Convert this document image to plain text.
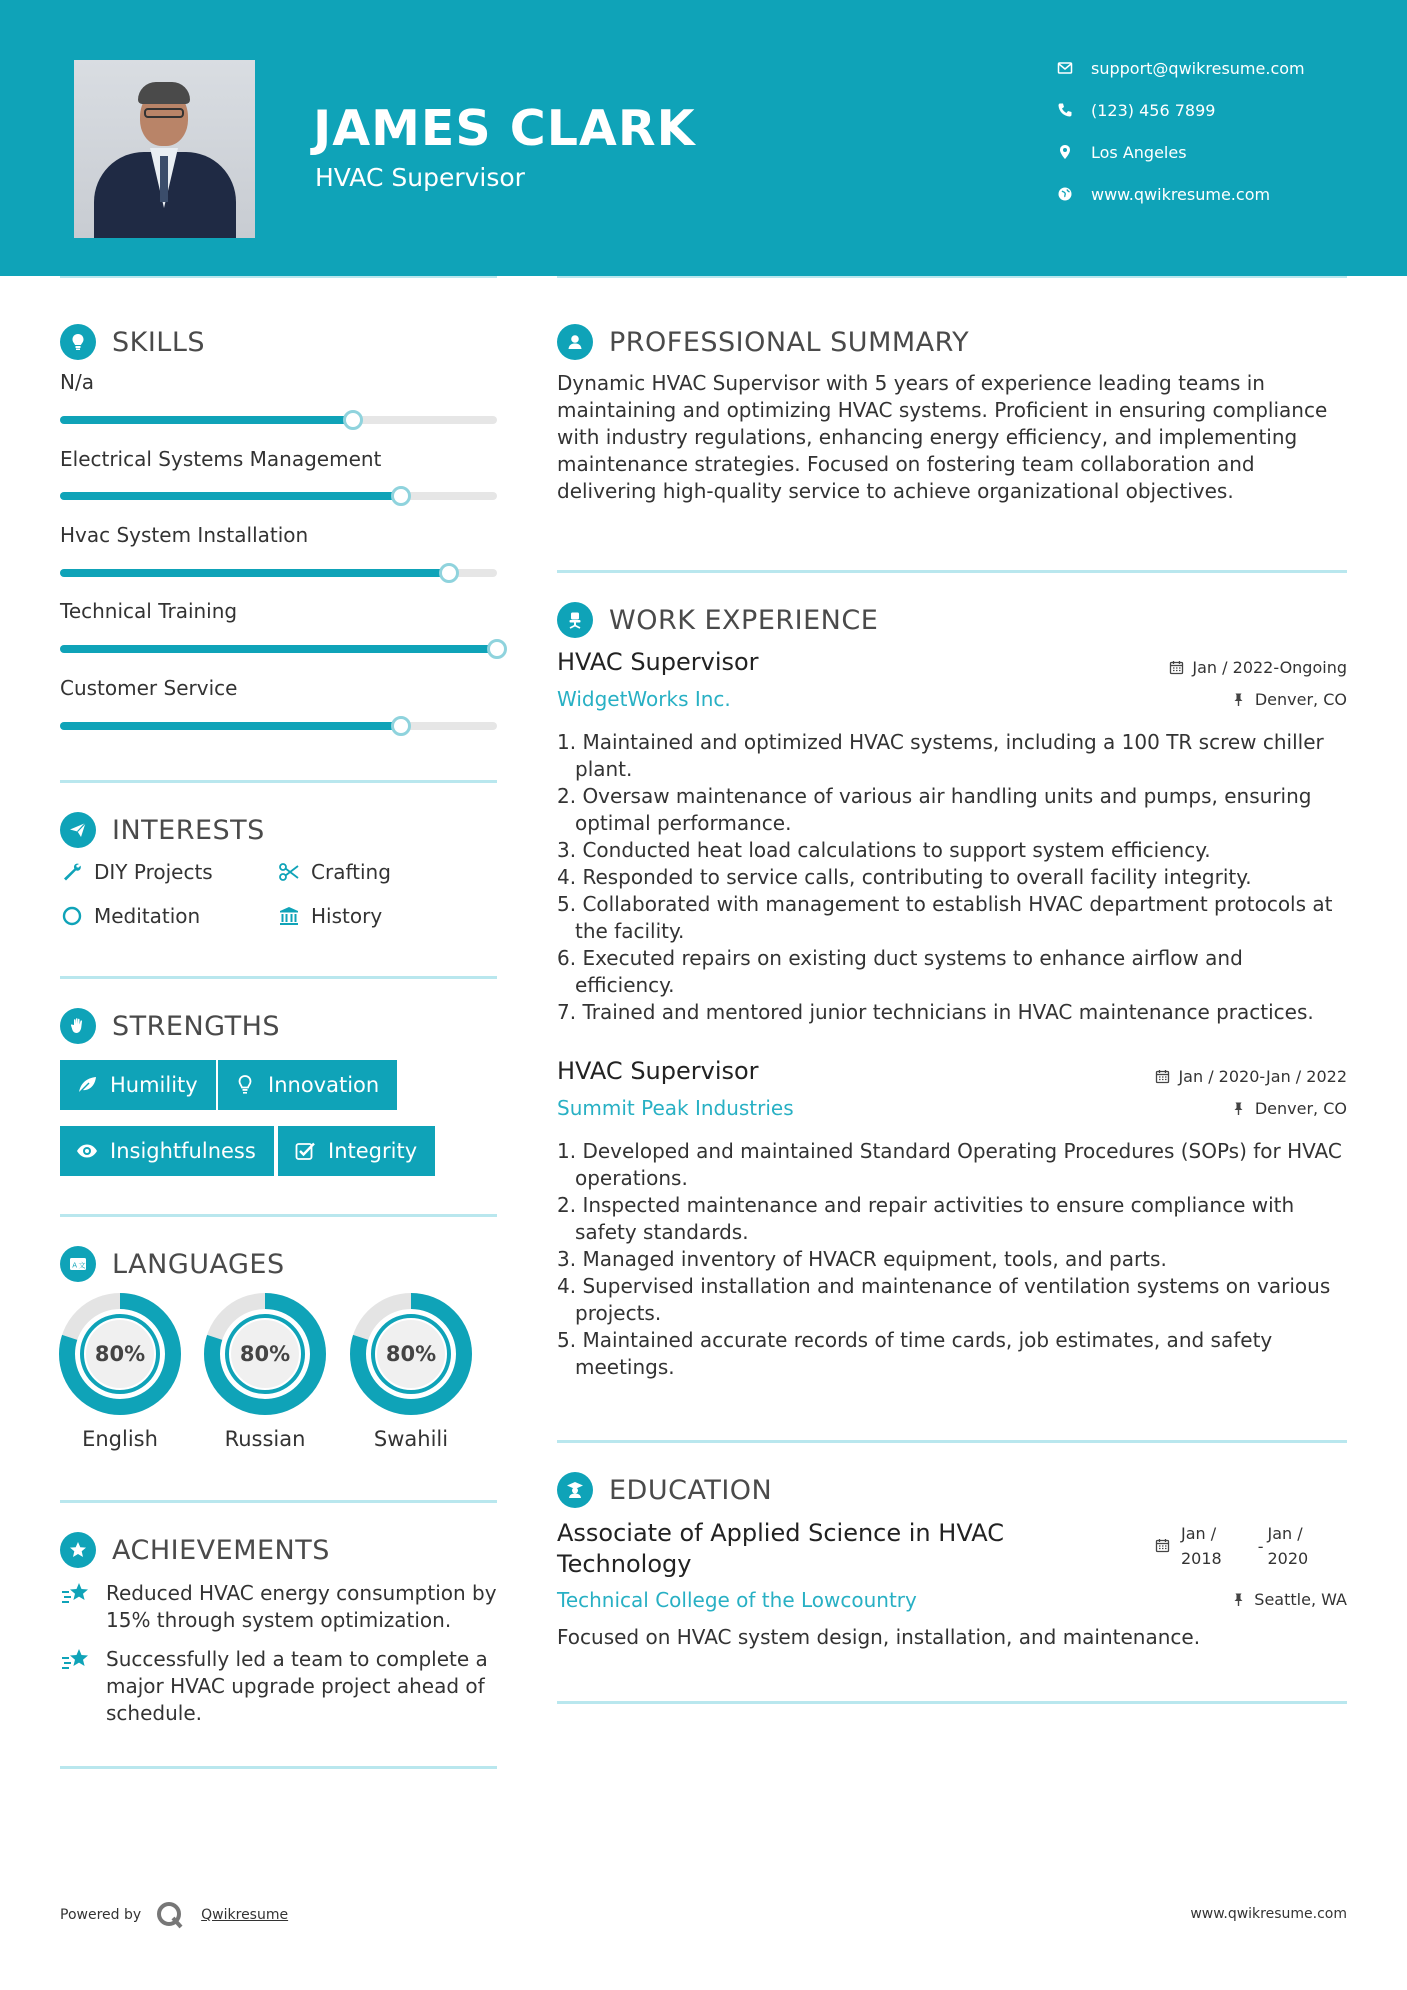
JAMES CLARK
HVAC Supervisor
support@qwikresume.com
(123) 456 7899
Los Angeles
www.qwikresume.com
SKILLS
N/a
Electrical Systems Management
Hvac System Installation
Technical Training
Customer Service
INTERESTS
DIY Projects	Crafting
Meditation	History
STRENGTHS
Humility	Innovation
Insightfulness	Integrity
A 文 LANGUAGES
80%
English
80%
Russian
80%
Swahili
ACHIEVEMENTS
Reduced HVAC energy consumption by 15% through system optimization.
Successfully led a team to complete a major HVAC upgrade project ahead of schedule.
PROFESSIONAL SUMMARY
Dynamic HVAC Supervisor with 5 years of experience leading teams in maintaining and optimizing HVAC systems. Proficient in ensuring compliance with industry regulations, enhancing energy efficiency, and implementing maintenance strategies. Focused on fostering team collaboration and delivering high-quality service to achieve organizational objectives.
WORK EXPERIENCE
HVAC Supervisor	Jan / 2022-Ongoing
WidgetWorks Inc.	Denver, CO
1. Maintained and optimized HVAC systems, including a 100 TR screw chiller plant.
2. Oversaw maintenance of various air handling units and pumps, ensuring optimal performance.
3. Conducted heat load calculations to support system efficiency.
4. Responded to service calls, contributing to overall facility integrity.
5. Collaborated with management to establish HVAC department protocols at the facility.
6. Executed repairs on existing duct systems to enhance airflow and efficiency.
7. Trained and mentored junior technicians in HVAC maintenance practices.
HVAC Supervisor	Jan / 2020-Jan / 2022
Summit Peak Industries	Denver, CO
1. Developed and maintained Standard Operating Procedures (SOPs) for HVAC operations.
2. Inspected maintenance and repair activities to ensure compliance with safety standards.
3. Managed inventory of HVACR equipment, tools, and parts.
4. Supervised installation and maintenance of ventilation systems on various projects.
5. Maintained accurate records of time cards, job estimates, and safety meetings.
EDUCATION
Associate of Applied Science in HVAC Technology
Jan /
2018
-
Jan /
2020
Technical College of the Lowcountry	Seattle, WA
Focused on HVAC system design, installation, and maintenance.
Powered by	Qwikresume	www.qwikresume.com
